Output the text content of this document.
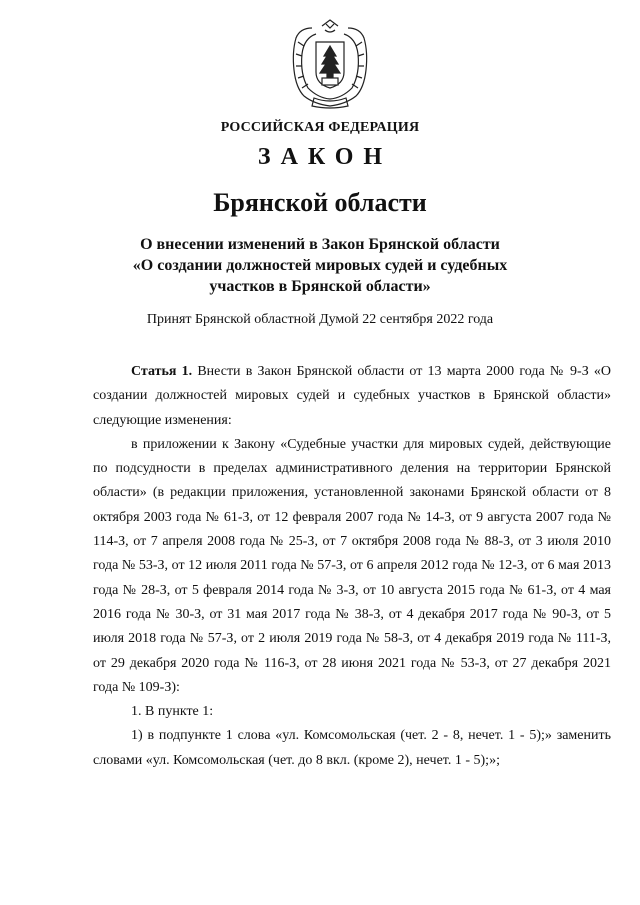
РОССИЙСКАЯ ФЕДЕРАЦИЯ
ЗАКОН
Брянской области
О внесении изменений в Закон Брянской области
«О создании должностей мировых судей и судебных
участков в Брянской области»
Принят Брянской областной Думой 22 сентября 2022 года
Статья 1. Внести в Закон Брянской области от 13 марта 2000 года № 9-З «О создании должностей мировых судей и судебных участков в Брянской области» следующие изменения:
в приложении к Закону «Судебные участки для мировых судей, действующие по подсудности в пределах административного деления на территории Брянской области» (в редакции приложения, установленной законами Брянской области от 8 октября 2003 года № 61-З, от 12 февраля 2007 года № 14-З, от 9 августа 2007 года № 114-З, от 7 апреля 2008 года № 25-З, от 7 октября 2008 года № 88-З, от 3 июля 2010 года № 53-З, от 12 июля 2011 года № 57-З, от 6 апреля 2012 года № 12-З, от 6 мая 2013 года № 28-З, от 5 февраля 2014 года № 3-З, от 10 августа 2015 года № 61-З, от 4 мая 2016 года № 30-З, от 31 мая 2017 года № 38-З, от 4 декабря 2017 года № 90-З, от 5 июля 2018 года № 57-З, от 2 июля 2019 года № 58-З, от 4 декабря 2019 года № 111-З, от 29 декабря 2020 года № 116-З, от 28 июня 2021 года № 53-З, от 27 декабря 2021 года № 109-З):
1. В пункте 1:
1) в подпункте 1 слова «ул. Комсомольская (чет. 2 - 8, нечет. 1 - 5);» заменить словами «ул. Комсомольская (чет. до 8 вкл. (кроме 2), нечет. 1 - 5);»;
